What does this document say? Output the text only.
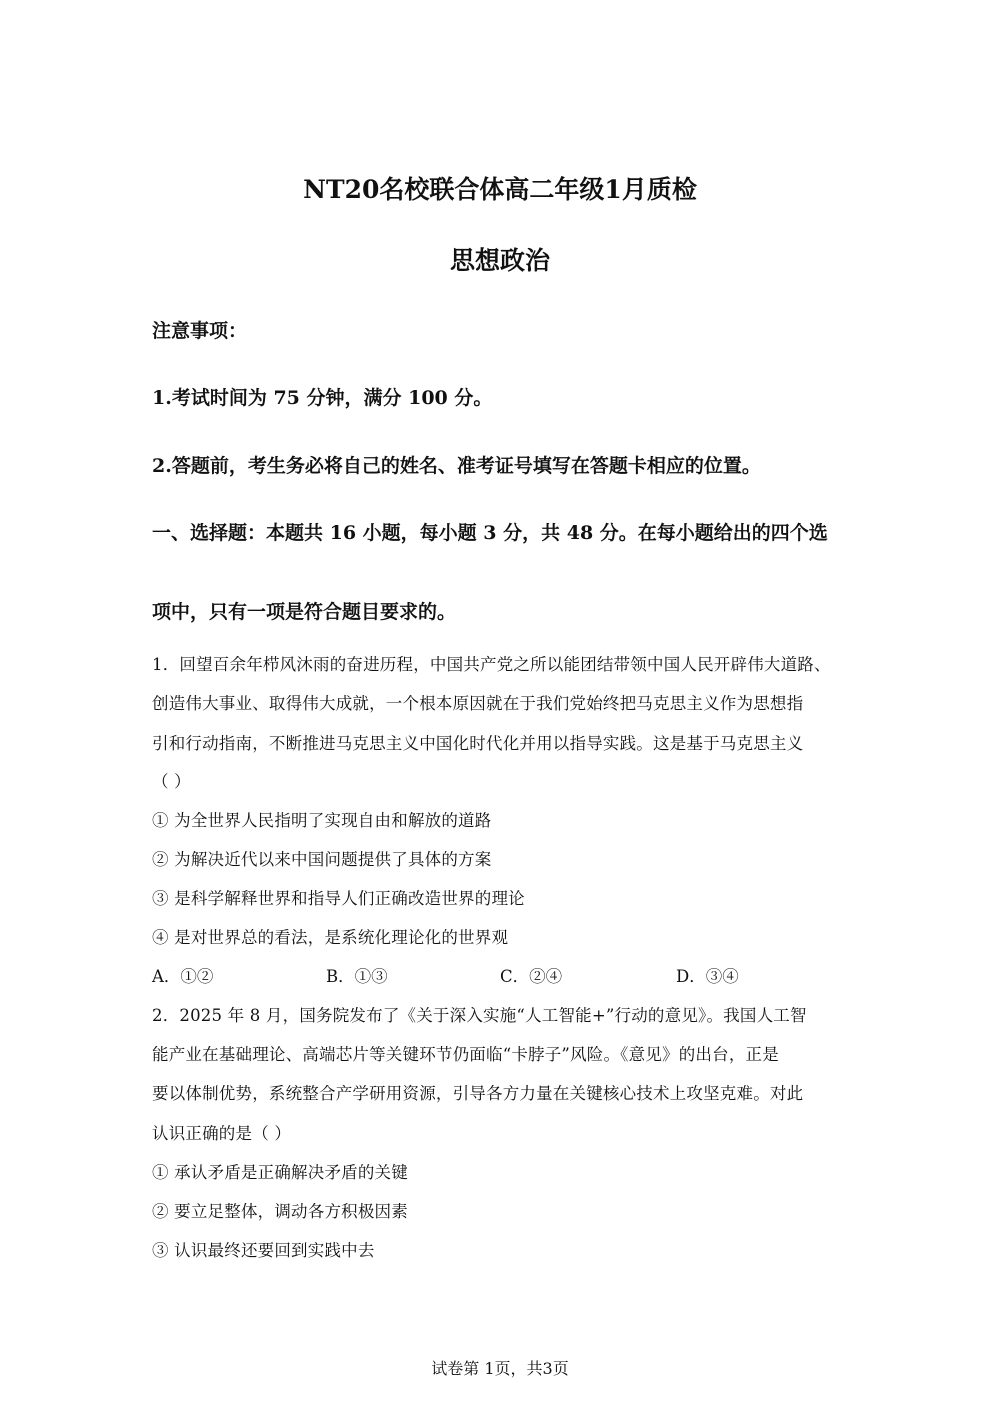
NT20名校联合体高二年级1月质检
思想政治
注意事项：
1.考试时间为 75 分钟，满分 100 分。
2.答题前，考生务必将自己的姓名、准考证号填写在答题卡相应的位置。
一、选择题：本题共 16 小题，每小题 3 分，共 48 分。在每小题给出的四个选
项中，只有一项是符合题目要求的。
1．回望百余年栉风沐雨的奋进历程，中国共产党之所以能团结带领中国人民开辟伟大道路、
创造伟大事业、取得伟大成就，一个根本原因就在于我们党始终把马克思主义作为思想指
引和行动指南，不断推进马克思主义中国化时代化并用以指导实践。这是基于马克思主义
（ ）
① 为全世界人民指明了实现自由和解放的道路
② 为解决近代以来中国问题提供了具体的方案
③ 是科学解释世界和指导人们正确改造世界的理论
④ 是对世界总的看法，是系统化理论化的世界观
A．①②	B．①③	C．②④	D．③④
2．2025 年 8 月，国务院发布了《关于深入实施“人工智能+”行动的意见》。我国人工智
能产业在基础理论、高端芯片等关键环节仍面临“卡脖子”风险。《意见》的出台，正是
要以体制优势，系统整合产学研用资源，引导各方力量在关键核心技术上攻坚克难。对此
认识正确的是（ ）
① 承认矛盾是正确解决矛盾的关键
② 要立足整体，调动各方积极因素
③ 认识最终还要回到实践中去
试卷第 1页，共3页
